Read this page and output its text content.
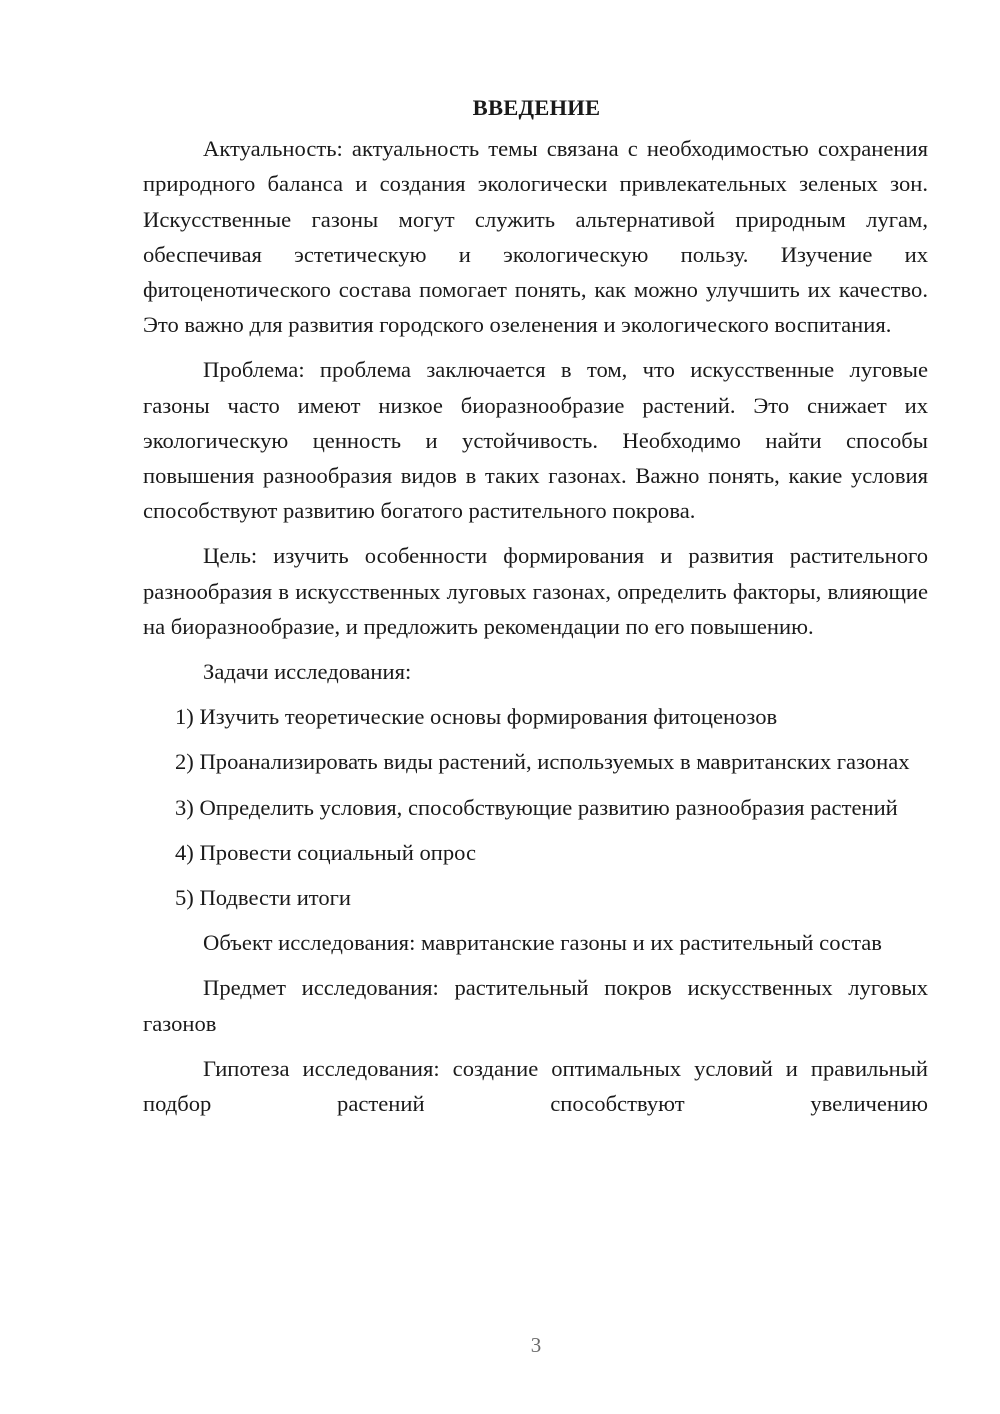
ВВЕДЕНИЕ

Актуальность: актуальность темы связана с необходимостью сохранения природного баланса и создания экологически привлекательных зеленых зон. Искусственные газоны могут служить альтернативой природным лугам, обеспечивая эстетическую и экологическую пользу. Изучение их фитоценотического состава помогает понять, как можно улучшить их качество. Это важно для развития городского озеленения и экологического воспитания.

Проблема: проблема заключается в том, что искусственные луговые газоны часто имеют низкое биоразнообразие растений. Это снижает их экологическую ценность и устойчивость. Необходимо найти способы повышения разнообразия видов в таких газонах. Важно понять, какие условия способствуют развитию богатого растительного покрова.

Цель: изучить особенности формирования и развития растительного разнообразия в искусственных луговых газонах, определить факторы, влияющие на биоразнообразие, и предложить рекомендации по его повышению.

Задачи исследования:

1) Изучить теоретические основы формирования фитоценозов

2) Проанализировать виды растений, используемых в мавританских газонах

3) Определить условия, способствующие развитию разнообразия растений

4) Провести социальный опрос

5) Подвести итоги

Объект исследования: мавританские газоны и их растительный состав

Предмет исследования: растительный покров искусственных луговых газонов

Гипотеза исследования: создание оптимальных условий и правильный подбор растений способствуют увеличению

3
